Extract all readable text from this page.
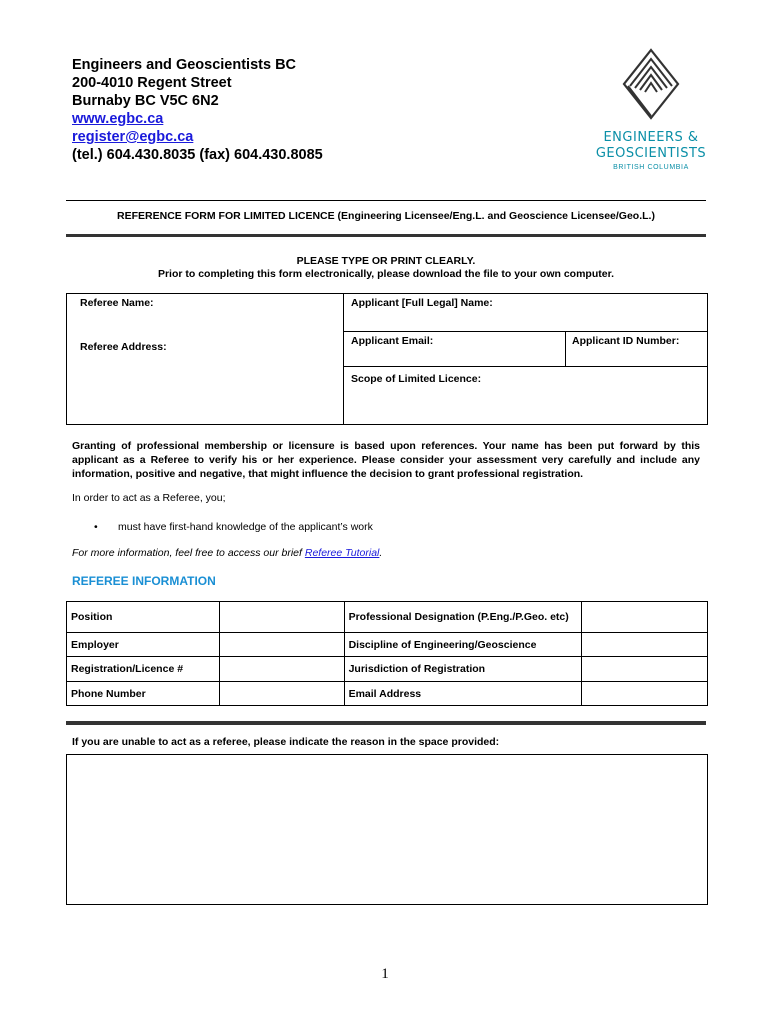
Engineers and Geoscientists BC
200-4010 Regent Street
Burnaby BC V5C 6N2
www.egbc.ca
register@egbc.ca
(tel.) 604.430.8035 (fax) 604.430.8085
ENGINEERS &
GEOSCIENTISTS
BRITISH COLUMBIA
REFERENCE FORM FOR LIMITED LICENCE (Engineering Licensee/Eng.L. and Geoscience Licensee/Geo.L.)
PLEASE TYPE OR PRINT CLEARLY.
Prior to completing this form electronically, please download the file to your own computer.
Referee Name:
Referee Address:
Applicant [Full Legal] Name:
Applicant Email:	Applicant ID Number:
Scope of Limited Licence:
Granting of professional membership or licensure is based upon references. Your name has been put forward by this applicant as a Referee to verify his or her experience. Please consider your assessment very carefully and include any information, positive and negative, that might influence the decision to grant professional registration.
In order to act as a Referee, you;
• must have first-hand knowledge of the applicant’s work
For more information, feel free to access our brief Referee Tutorial.
REFEREE INFORMATION
Position		Professional Designation (P.Eng./P.Geo. etc)	
Employer		Discipline of Engineering/Geoscience	
Registration/Licence #		Jurisdiction of Registration	
Phone Number		Email Address	
If you are unable to act as a referee, please indicate the reason in the space provided:
1
